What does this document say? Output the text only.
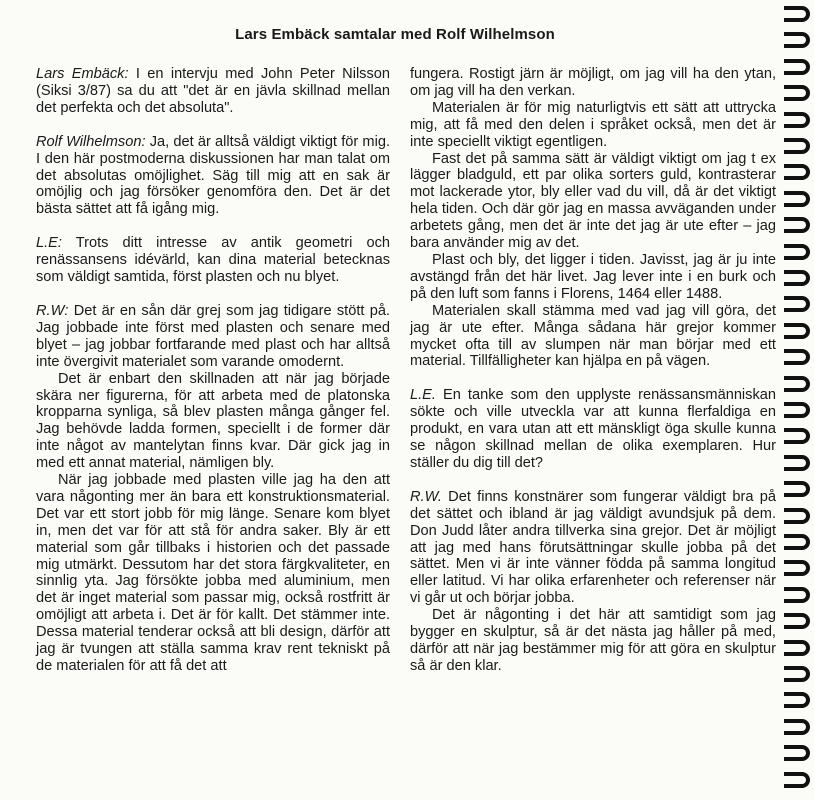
Lars Embäck samtalar med Rolf Wilhelmson

Lars Embäck: I en intervju med John Peter Nilsson (Siksi 3/87) sa du att "det är en jävla skillnad mellan det perfekta och det absoluta".

Rolf Wilhelmson: Ja, det är alltså väldigt viktigt för mig. I den här postmoderna diskussionen har man talat om det absolutas omöjlighet. Säg till mig att en sak är omöjlig och jag försöker genomföra den. Det är det bästa sättet att få igång mig.

L.E: Trots ditt intresse av antik geometri och renässansens idévärld, kan dina material betecknas som väldigt samtida, först plasten och nu blyet.

R.W: Det är en sån där grej som jag tidigare stött på. Jag jobbade inte först med plasten och senare med blyet – jag jobbar fortfarande med plast och har alltså inte övergivit materialet som varande omodernt.

Det är enbart den skillnaden att när jag började skära ner figurerna, för att arbeta med de platonska kropparna synliga, så blev plasten många gånger fel. Jag behövde ladda formen, speciellt i de former där inte något av mantelytan finns kvar. Där gick jag in med ett annat material, nämligen bly.

När jag jobbade med plasten ville jag ha den att vara någonting mer än bara ett konstruktionsmaterial. Det var ett stort jobb för mig länge. Senare kom blyet in, men det var för att stå för andra saker. Bly är ett material som går tillbaks i historien och det passade mig utmärkt. Dessutom har det stora färgkvaliteter, en sinnlig yta. Jag försökte jobba med aluminium, men det är inget material som passar mig, också rostfritt är omöjligt att arbeta i. Det är för kallt. Det stämmer inte. Dessa material tenderar också att bli design, därför att jag är tvungen att ställa samma krav rent tekniskt på de materialen för att få det att

fungera. Rostigt järn är möjligt, om jag vill ha den ytan, om jag vill ha den verkan.

Materialen är för mig naturligtvis ett sätt att uttrycka mig, att få med den delen i språket också, men det är inte speciellt viktigt egentligen.

Fast det på samma sätt är väldigt viktigt om jag t ex lägger bladguld, ett par olika sorters guld, kontrasterar mot lackerade ytor, bly eller vad du vill, då är det viktigt hela tiden. Och där gör jag en massa avväganden under arbetets gång, men det är inte det jag är ute efter – jag bara använder mig av det.

Plast och bly, det ligger i tiden. Javisst, jag är ju inte avstängd från det här livet. Jag lever inte i en burk och på den luft som fanns i Florens, 1464 eller 1488.

Materialen skall stämma med vad jag vill göra, det jag är ute efter. Många sådana här grejor kommer mycket ofta till av slumpen när man börjar med ett material. Tillfälligheter kan hjälpa en på vägen.

L.E. En tanke som den upplyste renässansmänniskan sökte och ville utveckla var att kunna flerfaldiga en produkt, en vara utan att ett mänskligt öga skulle kunna se någon skillnad mellan de olika exemplaren. Hur ställer du dig till det?

R.W. Det finns konstnärer som fungerar väldigt bra på det sättet och ibland är jag väldigt avundsjuk på dem. Don Judd låter andra tillverka sina grejor. Det är möjligt att jag med hans förutsättningar skulle jobba på det sättet. Men vi är inte vänner födda på samma longitud eller latitud. Vi har olika erfarenheter och referenser när vi går ut och börjar jobba.

Det är någonting i det här att samtidigt som jag bygger en skulptur, så är det nästa jag håller på med, därför att när jag bestämmer mig för att göra en skulptur så är den klar.
